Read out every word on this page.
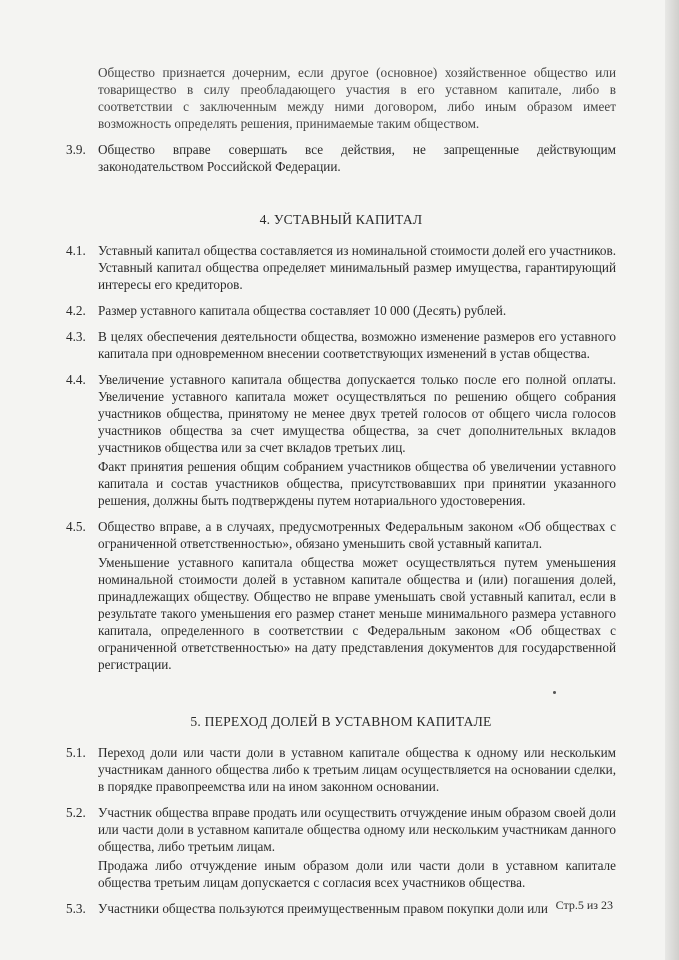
Общество признается дочерним, если другое (основное) хозяйственное общество или товарищество в силу преобладающего участия в его уставном капитале, либо в соответствии с заключенным между ними договором, либо иным образом имеет возможность определять решения, принимаемые таким обществом.

3.9. Общество вправе совершать все действия, не запрещенные действующим законодательством Российской Федерации.

4. УСТАВНЫЙ КАПИТАЛ
4.1. Уставный капитал общества составляется из номинальной стоимости долей его участников. Уставный капитал общества определяет минимальный размер имущества, гарантирующий интересы его кредиторов.

4.2. Размер уставного капитала общества составляет 10 000 (Десять) рублей.

4.3. В целях обеспечения деятельности общества, возможно изменение размеров его уставного капитала при одновременном внесении соответствующих изменений в устав общества.

4.4. Увеличение уставного капитала общества допускается только после его полной оплаты. Увеличение уставного капитала может осуществляться по решению общего собрания участников общества, принятому не менее двух третей голосов от общего числа голосов участников общества за счет имущества общества, за счет дополнительных вкладов участников общества или за счет вкладов третьих лиц.

Факт принятия решения общим собранием участников общества об увеличении уставного капитала и состав участников общества, присутствовавших при принятии указанного решения, должны быть подтверждены путем нотариального удостоверения.

4.5. Общество вправе, а в случаях, предусмотренных Федеральным законом «Об обществах с ограниченной ответственностью», обязано уменьшить свой уставный капитал.

Уменьшение уставного капитала общества может осуществляться путем уменьшения номинальной стоимости долей в уставном капитале общества и (или) погашения долей, принадлежащих обществу. Общество не вправе уменьшать свой уставный капитал, если в результате такого уменьшения его размер станет меньше минимального размера уставного капитала, определенного в соответствии с Федеральным законом «Об обществах с ограниченной ответственностью» на дату представления документов для государственной регистрации.

5. ПЕРЕХОД ДОЛЕЙ В УСТАВНОМ КАПИТАЛЕ
5.1. Переход доли или части доли в уставном капитале общества к одному или нескольким участникам данного общества либо к третьим лицам осуществляется на основании сделки, в порядке правопреемства или на ином законном основании.

5.2. Участник общества вправе продать или осуществить отчуждение иным образом своей доли или части доли в уставном капитале общества одному или нескольким участникам данного общества, либо третьим лицам.

Продажа либо отчуждение иным образом доли или части доли в уставном капитале общества третьим лицам допускается с согласия всех участников общества.

5.3. Участники общества пользуются преимущественным правом покупки доли или Стр.5 из 23
